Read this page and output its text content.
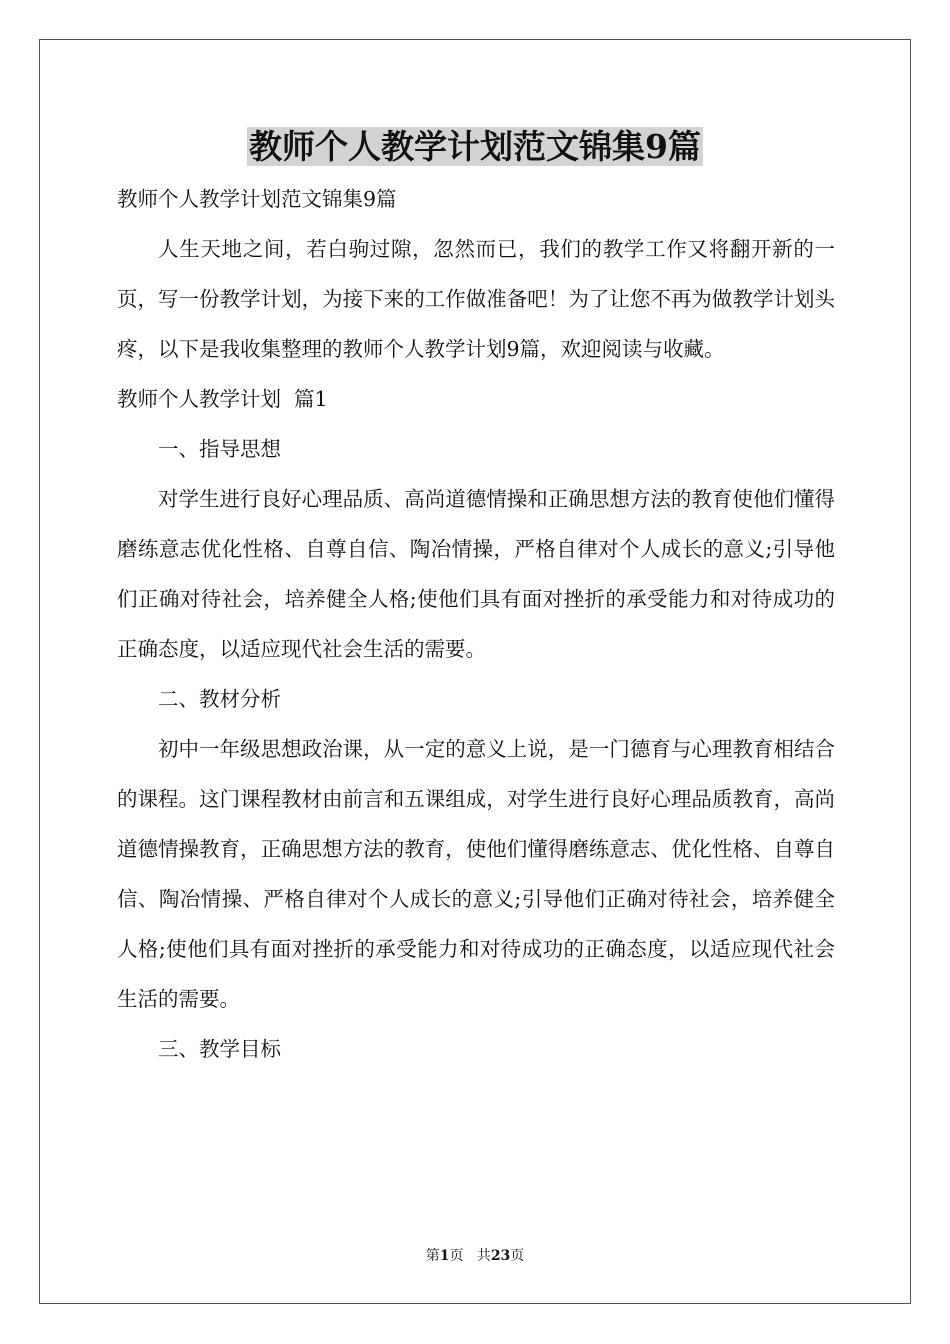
教师个人教学计划范文锦集9篇

教师个人教学计划范文锦集9篇

人生天地之间，若白驹过隙，忽然而已，我们的教学工作又将翻开新的一页，写一份教学计划，为接下来的工作做准备吧！为了让您不再为做教学计划头疼，以下是我收集整理的教师个人教学计划9篇，欢迎阅读与收藏。

教师个人教学计划  篇1

一、指导思想

对学生进行良好心理品质、高尚道德情操和正确思想方法的教育使他们懂得磨练意志优化性格、自尊自信、陶冶情操，严格自律对个人成长的意义;引导他们正确对待社会，培养健全人格;使他们具有面对挫折的承受能力和对待成功的正确态度，以适应现代社会生活的需要。

二、教材分析

初中一年级思想政治课，从一定的意义上说，是一门德育与心理教育相结合的课程。这门课程教材由前言和五课组成，对学生进行良好心理品质教育，高尚道德情操教育，正确思想方法的教育，使他们懂得磨练意志、优化性格、自尊自信、陶冶情操、严格自律对个人成长的意义;引导他们正确对待社会，培养健全人格;使他们具有面对挫折的承受能力和对待成功的正确态度，以适应现代社会生活的需要。

三、教学目标

第1页 共23页
